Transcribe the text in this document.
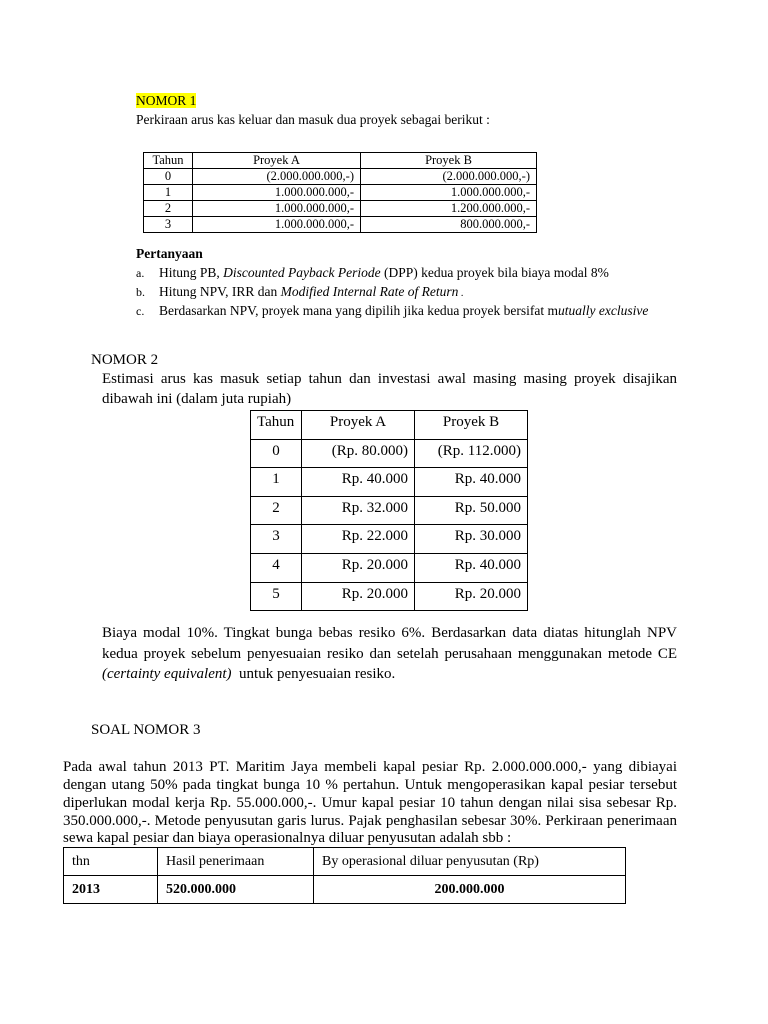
NOMOR 1
Perkiraan arus kas keluar dan masuk dua proyek sebagai berikut :
Tahun	Proyek A	Proyek B
0	(2.000.000.000,-)	(2.000.000.000,-)
1	1.000.000.000,-	1.000.000.000,-
2	1.000.000.000,-	1.200.000.000,-
3	1.000.000.000,-	800.000.000,-
Pertanyaan
a. Hitung PB, Discounted Payback Periode (DPP) kedua proyek bila biaya modal 8%
b. Hitung NPV, IRR dan Modified Internal Rate of Return .
c. Berdasarkan NPV, proyek mana yang dipilih jika kedua proyek bersifat mutually exclusive
NOMOR 2
Estimasi arus kas masuk setiap tahun dan investasi awal masing masing proyek disajikan
dibawah ini (dalam juta rupiah)
Tahun	Proyek A	Proyek B
0	(Rp. 80.000)	(Rp. 112.000)
1	Rp. 40.000	Rp. 40.000
2	Rp. 32.000	Rp. 50.000
3	Rp. 22.000	Rp. 30.000
4	Rp. 20.000	Rp. 40.000
5	Rp. 20.000	Rp. 20.000
Biaya modal 10%. Tingkat bunga bebas resiko 6%. Berdasarkan data diatas hitunglah NPV
kedua proyek sebelum penyesuaian resiko dan setelah perusahaan menggunakan metode CE
(certainty equivalent)  untuk penyesuaian resiko.
SOAL NOMOR 3
Pada awal tahun 2013 PT. Maritim Jaya membeli kapal pesiar Rp. 2.000.000.000,- yang dibiayai
dengan utang 50% pada tingkat bunga 10 % pertahun. Untuk mengoperasikan kapal pesiar tersebut
diperlukan modal kerja Rp. 55.000.000,-. Umur kapal pesiar 10 tahun dengan nilai sisa sebesar Rp.
350.000.000,-. Metode penyusutan garis lurus. Pajak penghasilan sebesar 30%. Perkiraan penerimaan
sewa kapal pesiar dan biaya operasionalnya diluar penyusutan adalah sbb :
thn	Hasil penerimaan	By operasional diluar penyusutan (Rp)
2013	520.000.000	200.000.000
